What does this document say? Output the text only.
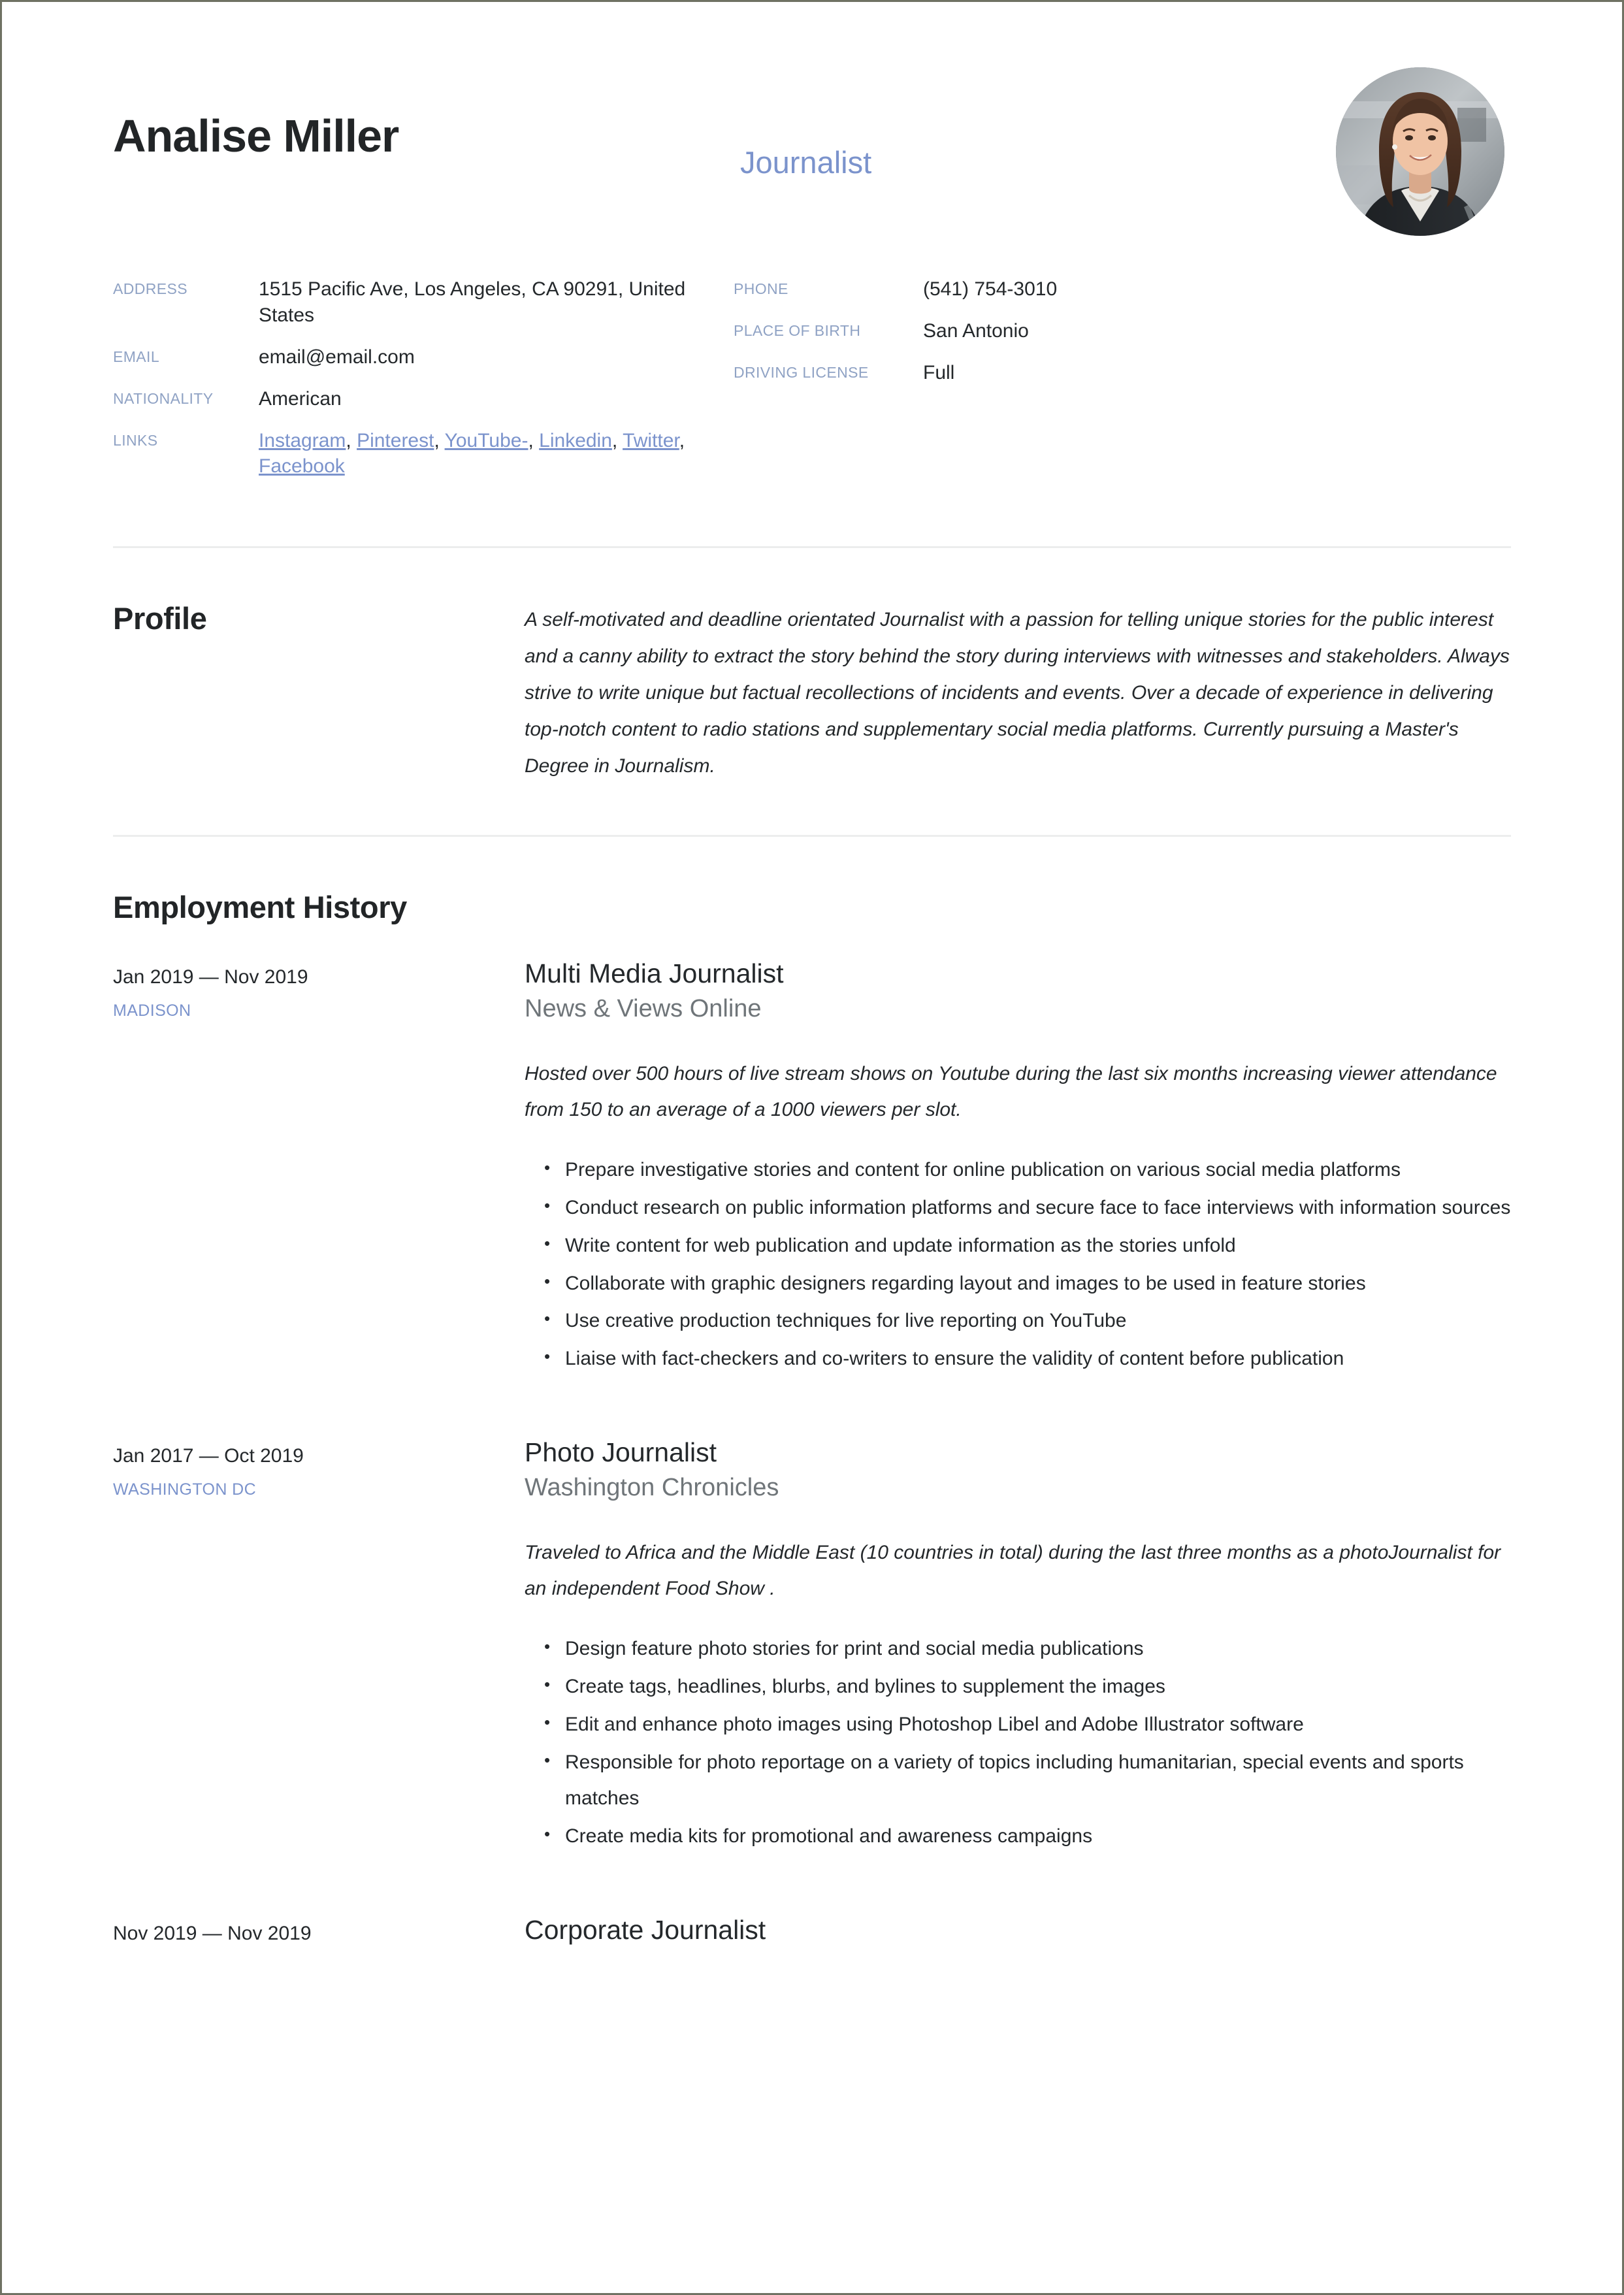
Analise Miller
Journalist
ADDRESS	1515 Pacific Ave, Los Angeles, CA 90291, United States
EMAIL	email@email.com
NATIONALITY	American
LINKS	Instagram, Pinterest, YouTube-, Linkedin, Twitter, Facebook
PHONE	(541) 754-3010
PLACE OF BIRTH	San Antonio
DRIVING LICENSE	Full
Profile	A self-motivated and deadline orientated Journalist with a passion for telling unique stories for the public interest and a canny ability to extract the story behind the story during interviews with witnesses and stakeholders. Always strive to write unique but factual recollections of incidents and events. Over a decade of experience in delivering top-notch content to radio stations and supplementary social media platforms. Currently pursuing a Master's Degree in Journalism.
Employment History
Jan 2019 — Nov 2019
MADISON
Multi Media Journalist
News & Views Online
Hosted over 500 hours of live stream shows on Youtube during the last six months increasing viewer attendance from 150 to an average of a 1000 viewers per slot.
• Prepare investigative stories and content for online publication on various social media platforms
• Conduct research on public information platforms and secure face to face interviews with information sources
• Write content for web publication and update information as the stories unfold
• Collaborate with graphic designers regarding layout and images to be used in feature stories
• Use creative production techniques for live reporting on YouTube
• Liaise with fact-checkers and co-writers to ensure the validity of content before publication
Jan 2017 — Oct 2019
WASHINGTON DC
Photo Journalist
Washington Chronicles
Traveled to Africa and the Middle East (10 countries in total) during the last three months as a photoJournalist for an independent Food Show .
• Design feature photo stories for print and social media publications
• Create tags, headlines, blurbs, and bylines to supplement the images
• Edit and enhance photo images using Photoshop Libel and Adobe Illustrator software
• Responsible for photo reportage on a variety of topics including humanitarian, special events and sports matches
• Create media kits for promotional and awareness campaigns
Nov 2019 — Nov 2019	Corporate Journalist
